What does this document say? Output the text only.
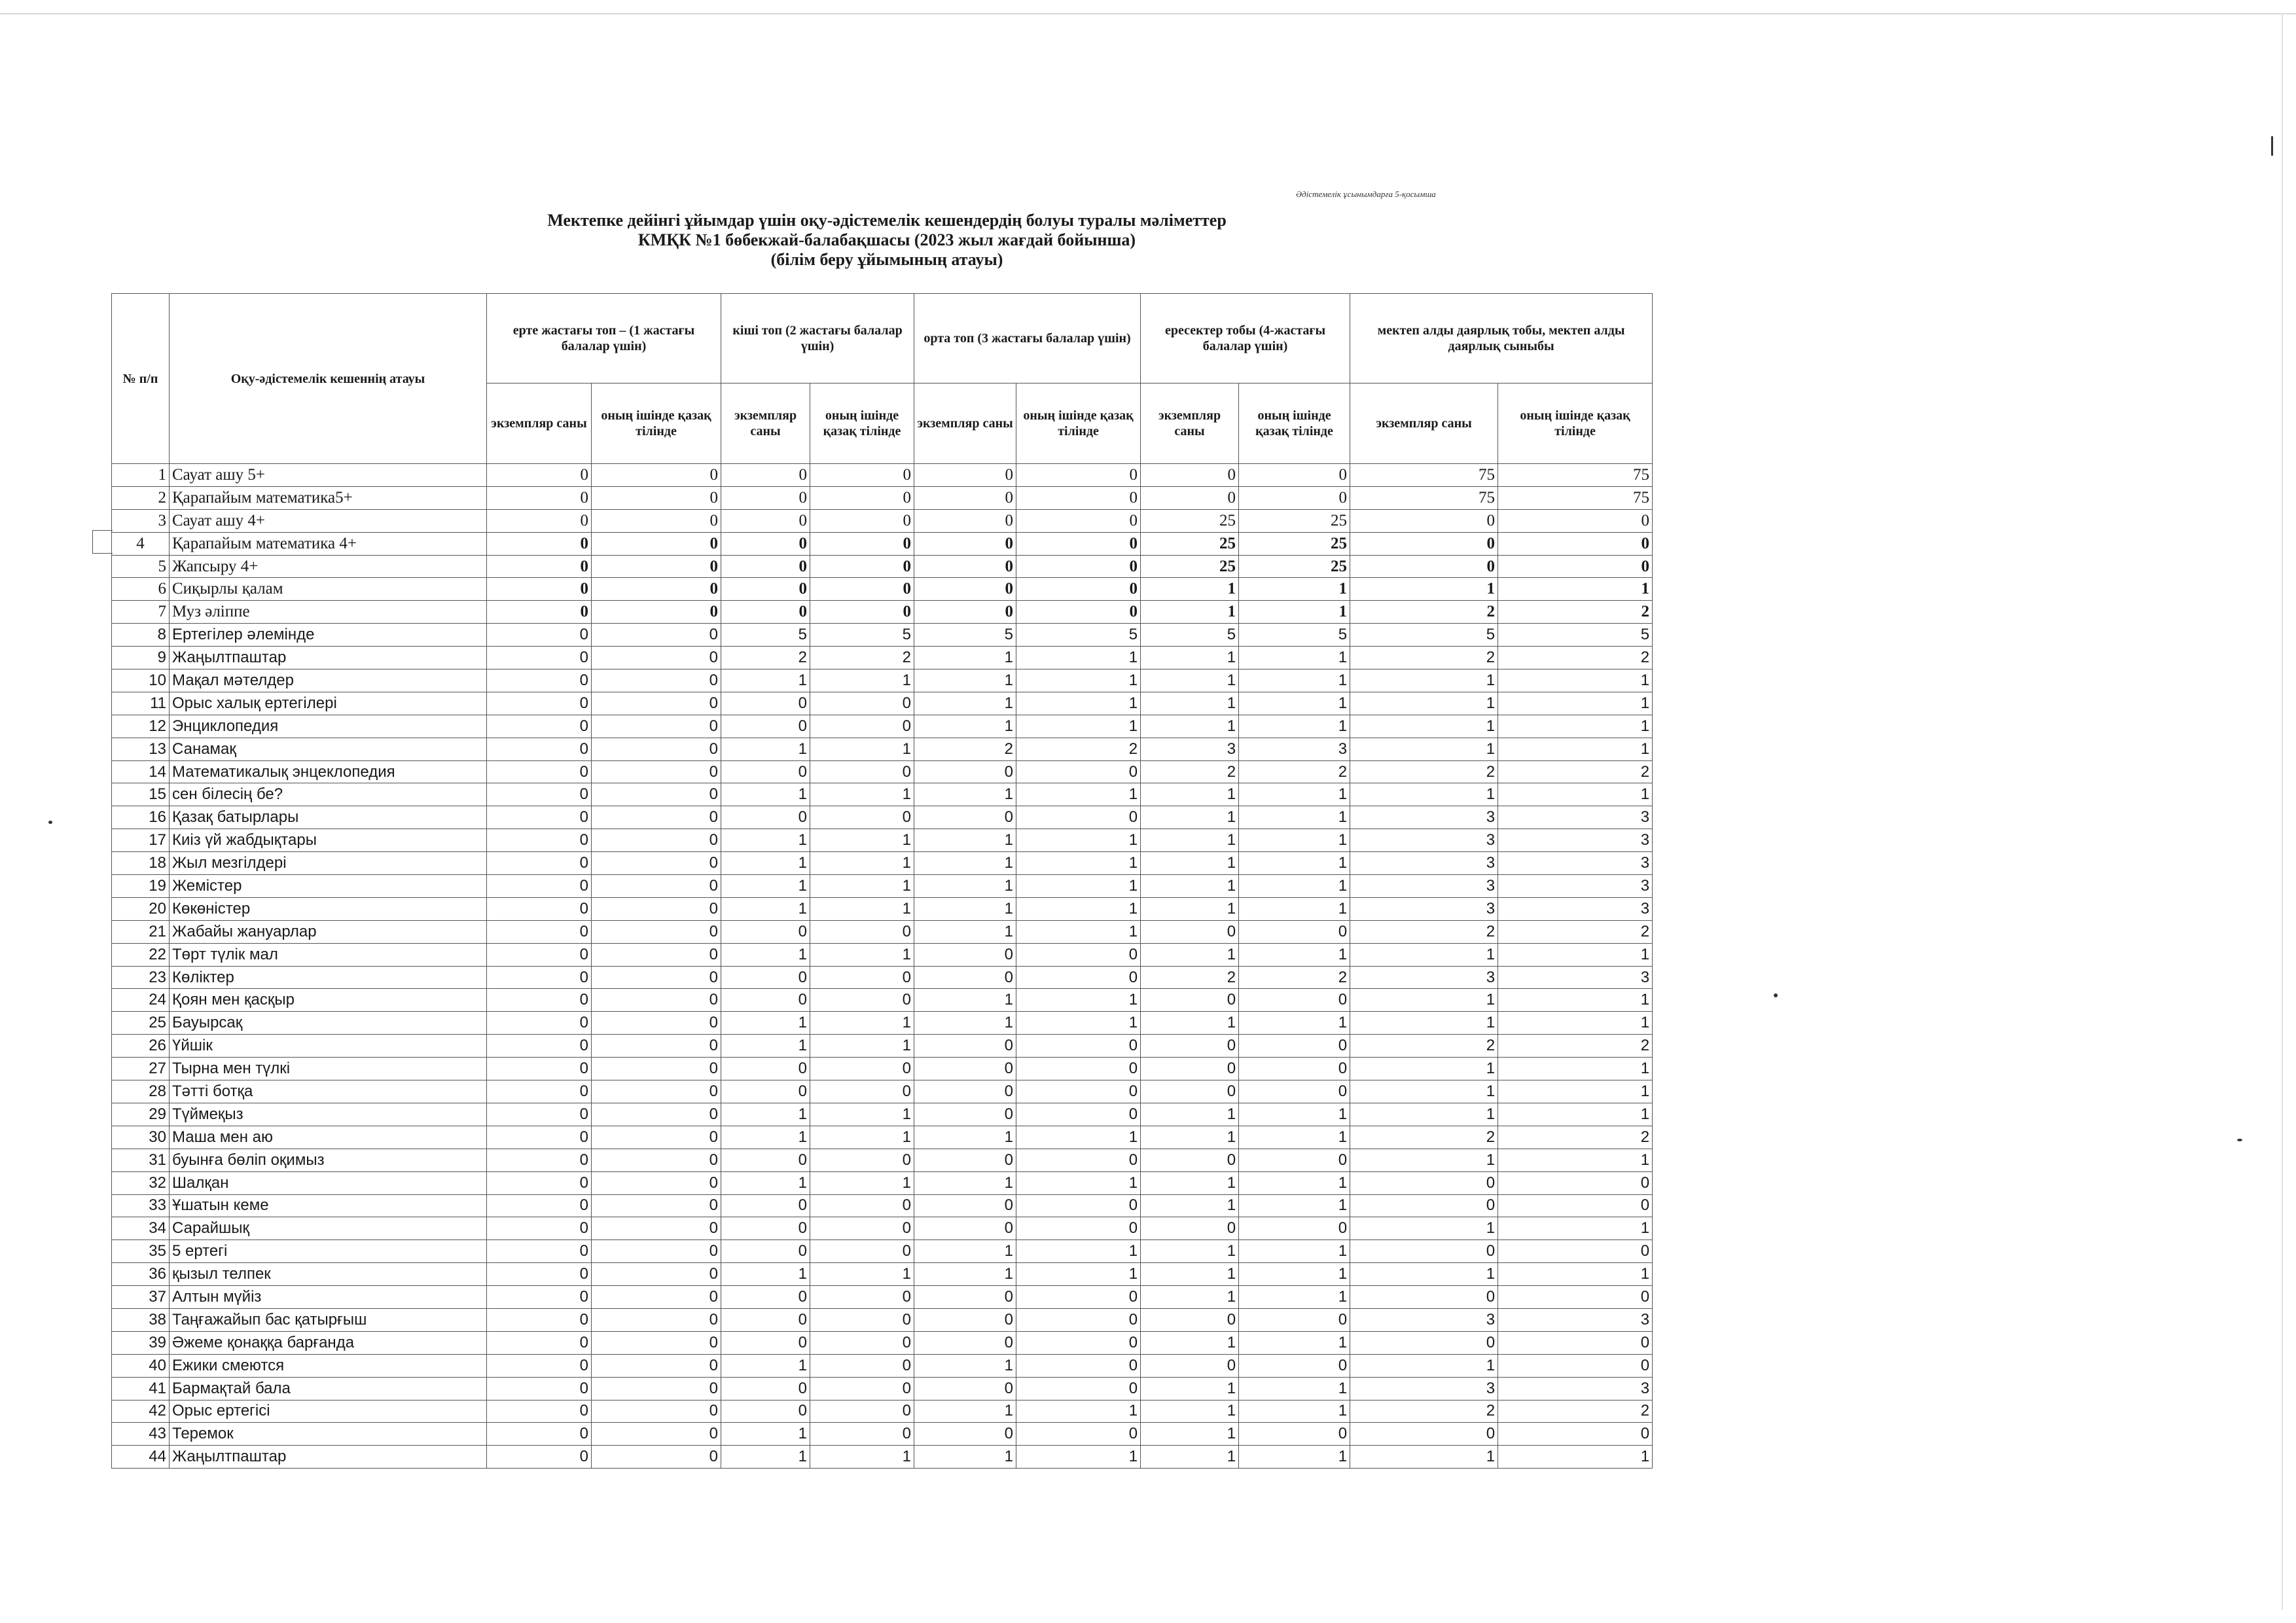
Әдістемелік ұсынымдарға 5-қосымша
Мектепке дейінгі ұйымдар үшін оқу-әдістемелік кешендердің болуы туралы мәліметтер
КМҚК №1 бөбекжай-балабақшасы (2023 жыл жағдай бойынша)
(білім беру ұйымының атауы)
№ п/п	Оқу-әдістемелік кешеннің атауы	ерте жастағы топ – (1 жастағы балалар үшін)		кіші топ (2 жастағы балалар үшін)		орта топ (3 жастағы балалар үшін)		ересектер тобы (4-жастағы балалар үшін)		мектеп алды даярлық тобы, мектеп алды даярлық сыныбы	
		экземпляр саны	оның ішінде қазақ тілінде	экземпляр саны	оның ішінде қазақ тілінде	экземпляр саны	оның ішінде қазақ тілінде	экземпляр саны	оның ішінде қазақ тілінде	экземпляр саны	оның ішінде қазақ тілінде
1	Сауат ашу 5+	0	0	0	0	0	0	0	0	75	75
2	Қарапайым математика5+	0	0	0	0	0	0	0	0	75	75
3	Сауат ашу 4+	0	0	0	0	0	0	25	25	0	0
4	Қарапайым математика 4+	0	0	0	0	0	0	25	25	0	0
5	Жапсыру 4+	0	0	0	0	0	0	25	25	0	0
6	Сиқырлы қалам	0	0	0	0	0	0	1	1	1	1
7	Муз әліппе	0	0	0	0	0	0	1	1	2	2
8	Ертегілер әлемінде	0	0	5	5	5	5	5	5	5	5
9	Жаңылтпаштар	0	0	2	2	1	1	1	1	2	2
10	Мақал мәтелдер	0	0	1	1	1	1	1	1	1	1
11	Орыс халық ертегілері	0	0	0	0	1	1	1	1	1	1
12	Энциклопедия	0	0	0	0	1	1	1	1	1	1
13	Санамақ	0	0	1	1	2	2	3	3	1	1
14	Математикалық энцеклопедия	0	0	0	0	0	0	2	2	2	2
15	сен білесің бе?	0	0	1	1	1	1	1	1	1	1
16	Қазақ батырлары	0	0	0	0	0	0	1	1	3	3
17	Киіз үй жабдықтары	0	0	1	1	1	1	1	1	3	3
18	Жыл мезгілдері	0	0	1	1	1	1	1	1	3	3
19	Жемістер	0	0	1	1	1	1	1	1	3	3
20	Көкөністер	0	0	1	1	1	1	1	1	3	3
21	Жабайы жануарлар	0	0	0	0	1	1	0	0	2	2
22	Төрт түлік мал	0	0	1	1	0	0	1	1	1	1
23	Көліктер	0	0	0	0	0	0	2	2	3	3
24	Қоян мен қасқыр	0	0	0	0	1	1	0	0	1	1
25	Бауырсақ	0	0	1	1	1	1	1	1	1	1
26	Үйшік	0	0	1	1	0	0	0	0	2	2
27	Тырна мен түлкі	0	0	0	0	0	0	0	0	1	1
28	Тәтті ботқа	0	0	0	0	0	0	0	0	1	1
29	Түймеқыз	0	0	1	1	0	0	1	1	1	1
30	Маша мен аю	0	0	1	1	1	1	1	1	2	2
31	буынға бөліп оқимыз	0	0	0	0	0	0	0	0	1	1
32	Шалқан	0	0	1	1	1	1	1	1	0	0
33	Ұшатын кеме	0	0	0	0	0	0	1	1	0	0
34	Сарайшық	0	0	0	0	0	0	0	0	1	1
35	5 ертегі	0	0	0	0	1	1	1	1	0	0
36	қызыл телпек	0	0	1	1	1	1	1	1	1	1
37	Алтын мүйіз	0	0	0	0	0	0	1	1	0	0
38	Таңғажайып бас қатырғыш	0	0	0	0	0	0	0	0	3	3
39	Әжеме қонаққа барғанда	0	0	0	0	0	0	1	1	0	0
40	Ежики смеются	0	0	1	0	1	0	0	0	1	0
41	Бармақтай бала	0	0	0	0	0	0	1	1	3	3
42	Орыс ертегісі	0	0	0	0	1	1	1	1	2	2
43	Теремок	0	0	1	0	0	0	1	0	0	0
44	Жаңылтпаштар	0	0	1	1	1	1	1	1	1	1
